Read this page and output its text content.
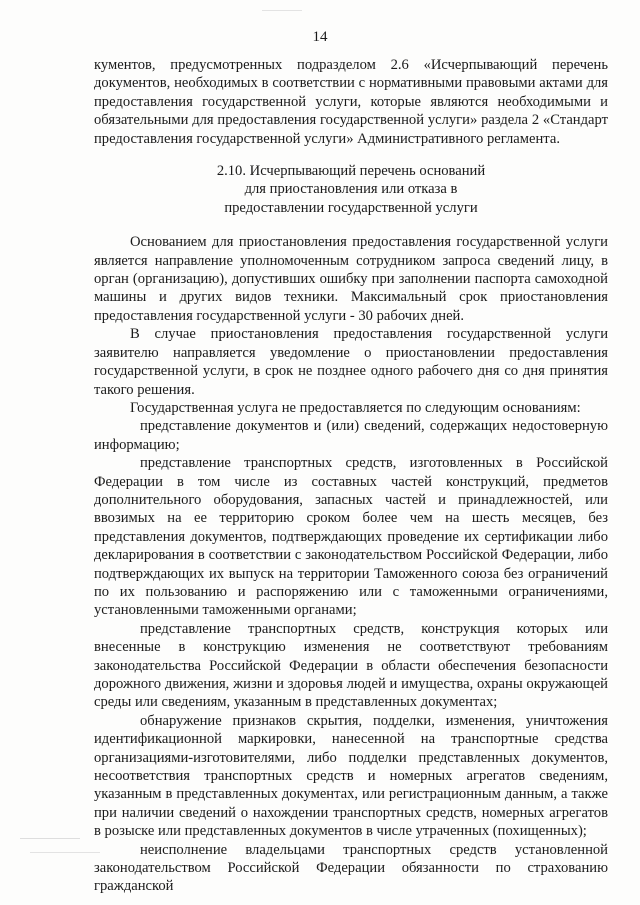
14

кументов, предусмотренных подразделом 2.6 «Исчерпывающий перечень документов, необходимых в соответствии с нормативными правовыми актами для предоставления государственной услуги, которые являются необходимыми и обязательными для предоставления государственной услуги» раздела 2 «Стандарт предоставления государственной услуги» Административного регламента.

2.10. Исчерпывающий перечень оснований
для приостановления или отказа в
предоставлении государственной услуги

Основанием для приостановления предоставления государственной услуги является направление уполномоченным сотрудником запроса сведений лицу, в орган (организацию), допустивших ошибку при заполнении паспорта самоходной машины и других видов техники. Максимальный срок приостановления предоставления государственной услуги - 30 рабочих дней.

В случае приостановления предоставления государственной услуги заявителю направляется уведомление о приостановлении предоставления государственной услуги, в срок не позднее одного рабочего дня со дня принятия такого решения.

Государственная услуга не предоставляется по следующим основаниям:

представление документов и (или) сведений, содержащих недостоверную информацию;

представление транспортных средств, изготовленных в Российской Федерации в том числе из составных частей конструкций, предметов дополнительного оборудования, запасных частей и принадлежностей, или ввозимых на ее территорию сроком более чем на шесть месяцев, без представления документов, подтверждающих проведение их сертификации либо декларирования в соответствии с законодательством Российской Федерации, либо подтверждающих их выпуск на территории Таможенного союза без ограничений по их пользованию и распоряжению или с таможенными ограничениями, установленными таможенными органами;

представление транспортных средств, конструкция которых или внесенные в конструкцию изменения не соответствуют требованиям законодательства Российской Федерации в области обеспечения безопасности дорожного движения, жизни и здоровья людей и имущества, охраны окружающей среды или сведениям, указанным в представленных документах;

обнаружение признаков скрытия, подделки, изменения, уничтожения идентификационной маркировки, нанесенной на транспортные средства организациями-изготовителями, либо подделки представленных документов, несоответствия транспортных средств и номерных агрегатов сведениям, указанным в представленных документах, или регистрационным данным, а также при наличии сведений о нахождении транспортных средств, номерных агрегатов в розыске или представленных документов в числе утраченных (похищенных);

неисполнение владельцами транспортных средств установленной законодательством Российской Федерации обязанности по страхованию гражданской
